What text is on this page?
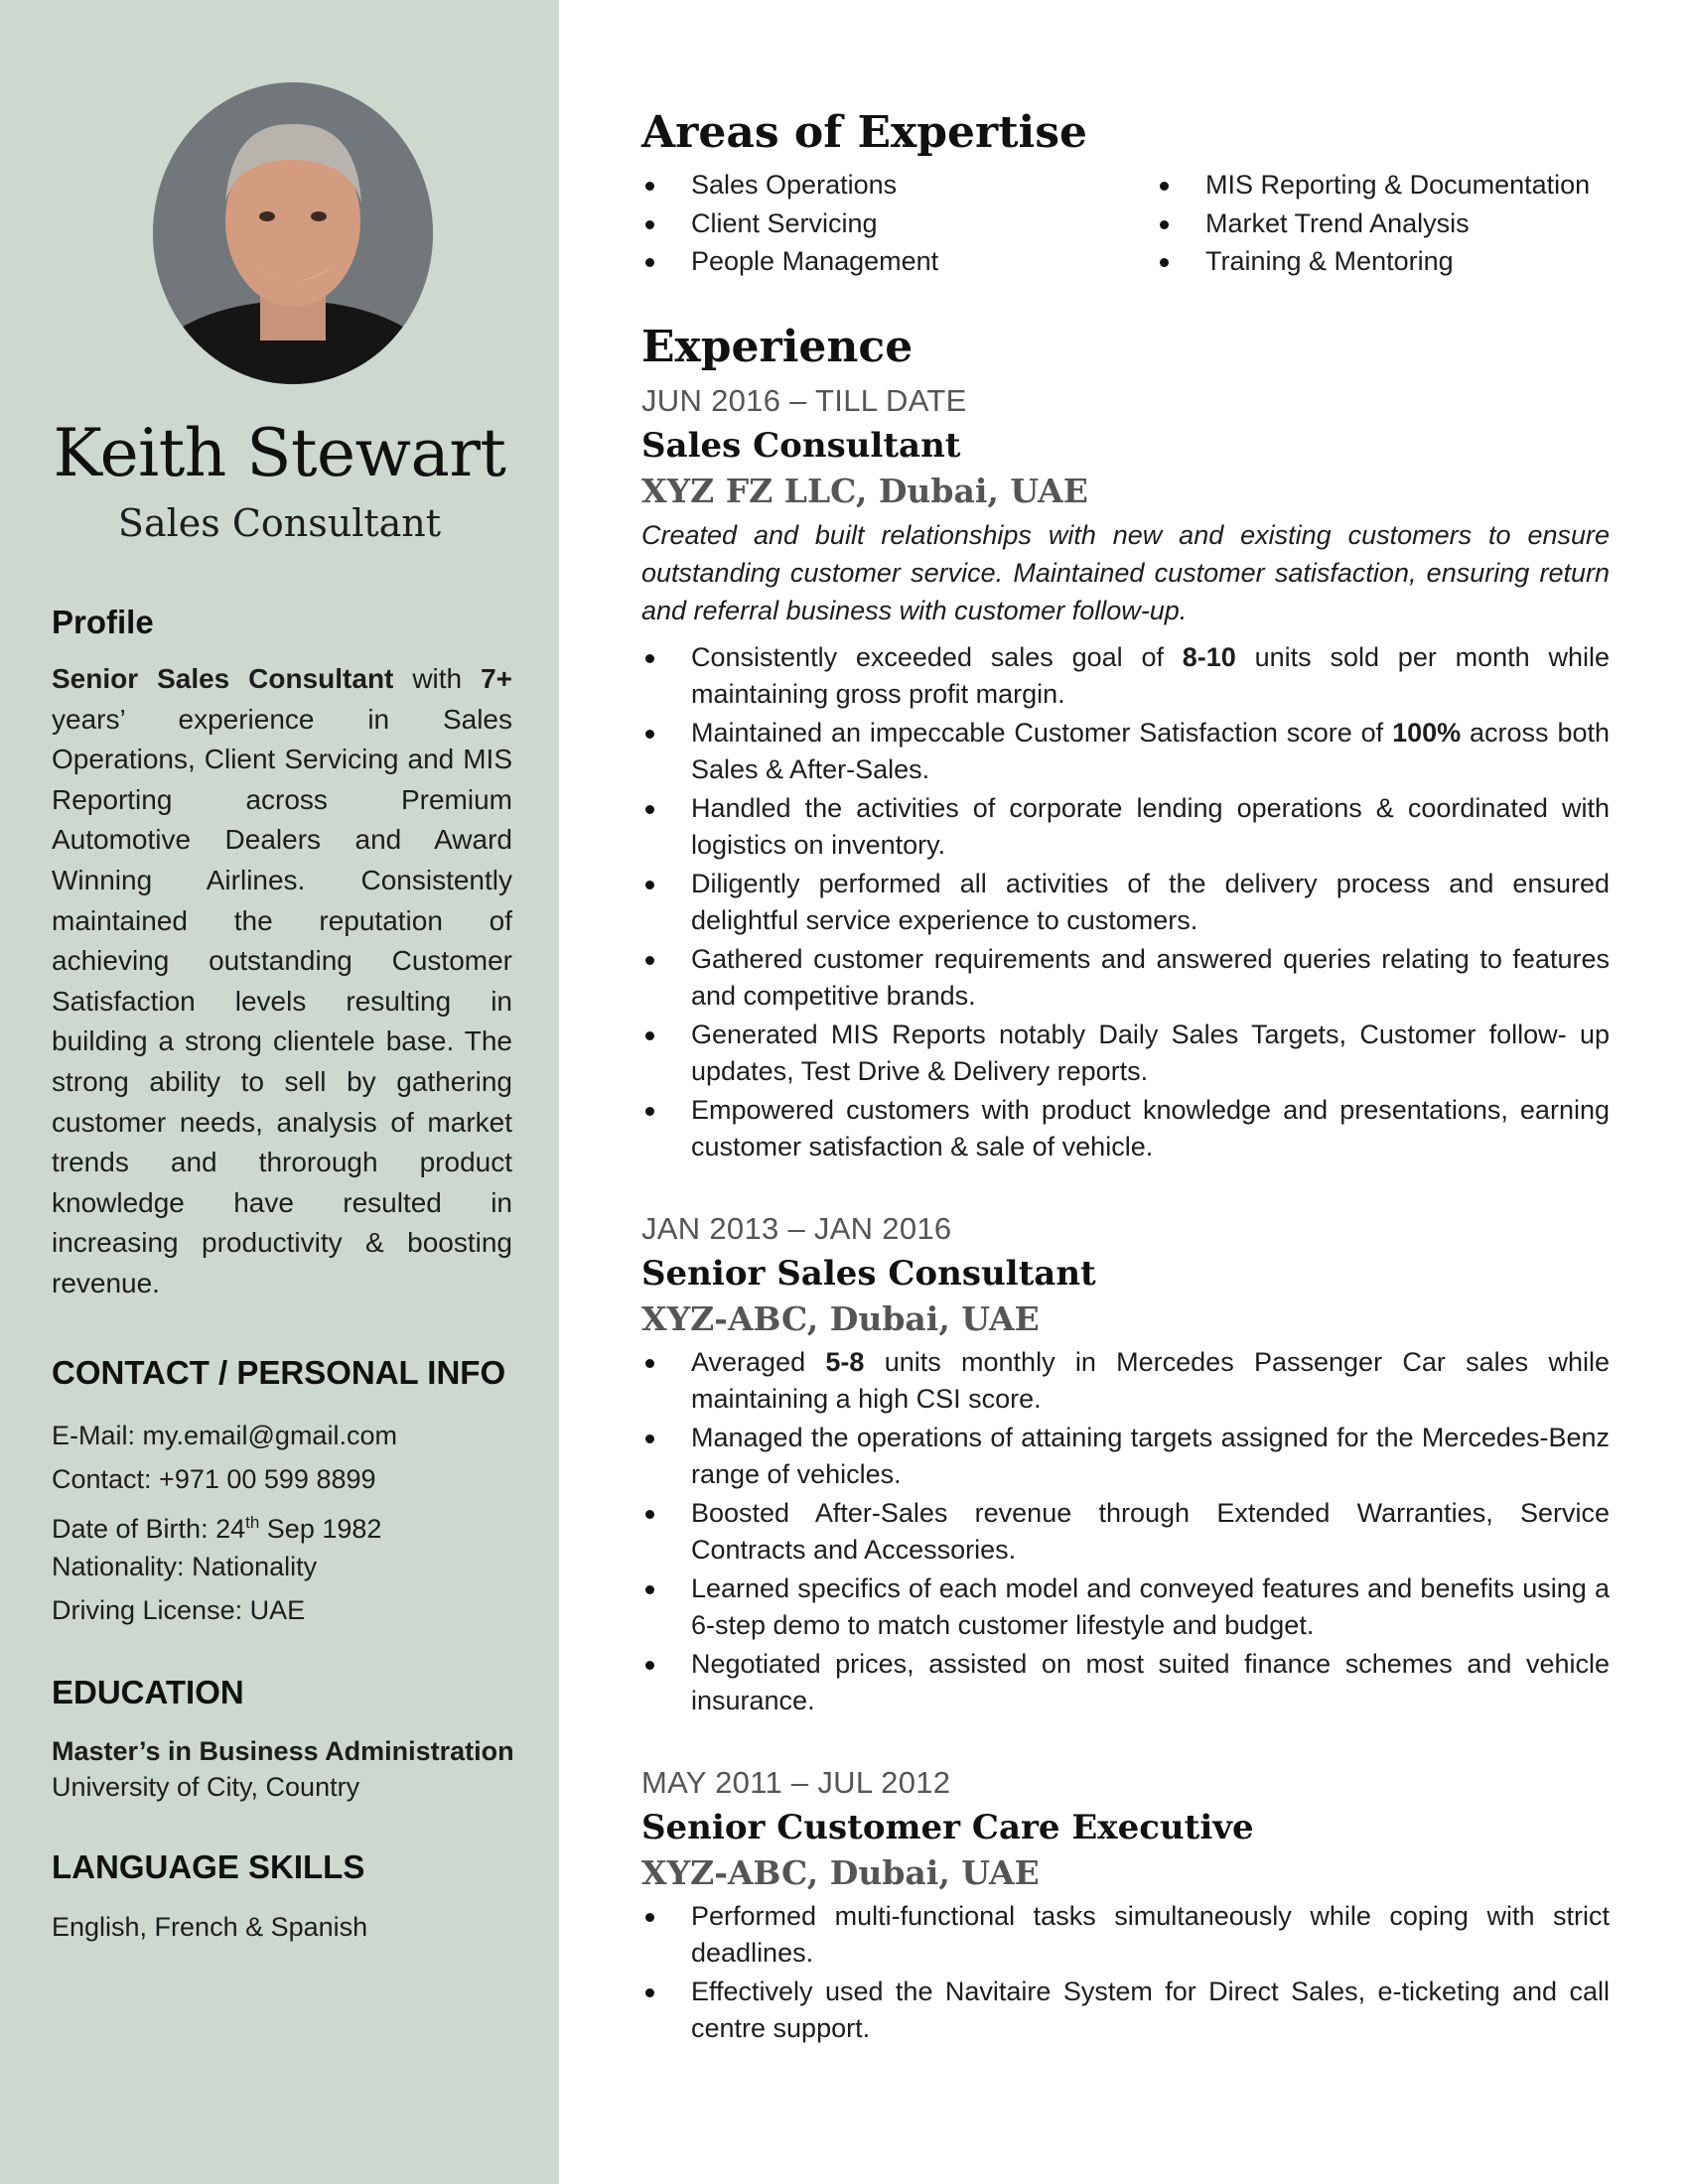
Keith Stewart
Sales Consultant
Profile
Senior Sales Consultant with 7+ years’ experience in Sales Operations, Client Servicing and MIS Reporting across Premium Automotive Dealers and Award Winning Airlines. Consistently maintained the reputation of achieving outstanding Customer Satisfaction levels resulting in building a strong clientele base. The strong ability to sell by gathering customer needs, analysis of market trends and throrough product knowledge have resulted in increasing productivity & boosting revenue.
CONTACT / PERSONAL INFO
E-Mail: my.email@gmail.com
Contact: +971 00 599 8899
Date of Birth: 24th Sep 1982
Nationality: Nationality
Driving License: UAE
EDUCATION
Master’s in Business Administration
University of City, Country
LANGUAGE SKILLS
English, French & Spanish
Areas of Expertise
Sales Operations
Client Servicing
People Management
MIS Reporting & Documentation
Market Trend Analysis
Training & Mentoring
Experience
JUN 2016 – TILL DATE
Sales Consultant
XYZ FZ LLC, Dubai, UAE
Created and built relationships with new and existing customers to ensure outstanding customer service. Maintained customer satisfaction, ensuring return and referral business with customer follow-up.
Consistently exceeded sales goal of 8-10 units sold per month while maintaining gross profit margin.
Maintained an impeccable Customer Satisfaction score of 100% across both Sales & After-Sales.
Handled the activities of corporate lending operations & coordinated with logistics on inventory.
Diligently performed all activities of the delivery process and ensured delightful service experience to customers.
Gathered customer requirements and answered queries relating to features and competitive brands.
Generated MIS Reports notably Daily Sales Targets, Customer follow- up updates, Test Drive & Delivery reports.
Empowered customers with product knowledge and presentations, earning customer satisfaction & sale of vehicle.
JAN 2013 – JAN 2016
Senior Sales Consultant
XYZ-ABC, Dubai, UAE
Averaged 5-8 units monthly in Mercedes Passenger Car sales while maintaining a high CSI score.
Managed the operations of attaining targets assigned for the Mercedes-Benz range of vehicles.
Boosted After-Sales revenue through Extended Warranties, Service Contracts and Accessories.
Learned specifics of each model and conveyed features and benefits using a 6-step demo to match customer lifestyle and budget.
Negotiated prices, assisted on most suited finance schemes and vehicle insurance.
MAY 2011 – JUL 2012
Senior Customer Care Executive
XYZ-ABC, Dubai, UAE
Performed multi-functional tasks simultaneously while coping with strict deadlines.
Effectively used the Navitaire System for Direct Sales, e-ticketing and call centre support.
